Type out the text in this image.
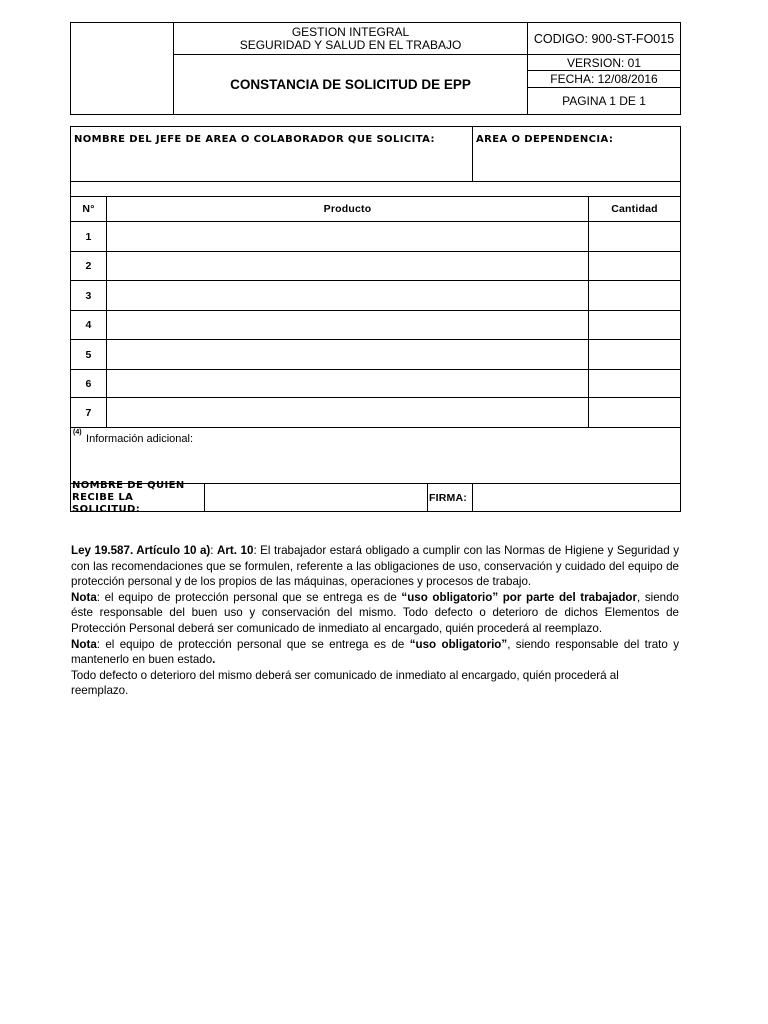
GESTION INTEGRAL
SEGURIDAD Y SALUD EN EL TRABAJO
CONSTANCIA DE SOLICITUD DE EPP
CODIGO: 900-ST-FO015
VERSION: 01
FECHA: 12/08/2016
PAGINA 1 DE 1
NOMBRE DEL JEFE DE AREA O COLABORADOR QUE SOLICITA:	AREA O DEPENDENCIA:
N°	Producto	Cantidad
1
2
3
4
5
6
7
$^{(4)}$ Información adicional:
NOMBRE DE QUIEN
RECIBE LA SOLICITUD:
FIRMA:

Ley 19.587. Artículo 10 a): Art. 10: El trabajador estará obligado a cumplir con las Normas de Higiene y Seguridad y con las recomendaciones que se formulen, referente a las obligaciones de uso, conservación y cuidado del equipo de protección personal y de los propios de las máquinas, operaciones y procesos de trabajo.

Nota: el equipo de protección personal que se entrega es de “uso obligatorio” por parte del trabajador, siendo éste responsable del buen uso y conservación del mismo. Todo defecto o deterioro de dichos Elementos de Protección Personal deberá ser comunicado de inmediato al encargado, quién procederá al reemplazo.

Nota: el equipo de protección personal que se entrega es de “uso obligatorio”, siendo responsable del trato y mantenerlo en buen estado.

Todo defecto o deterioro del mismo deberá ser comunicado de inmediato al encargado, quién procederá al reemplazo.
